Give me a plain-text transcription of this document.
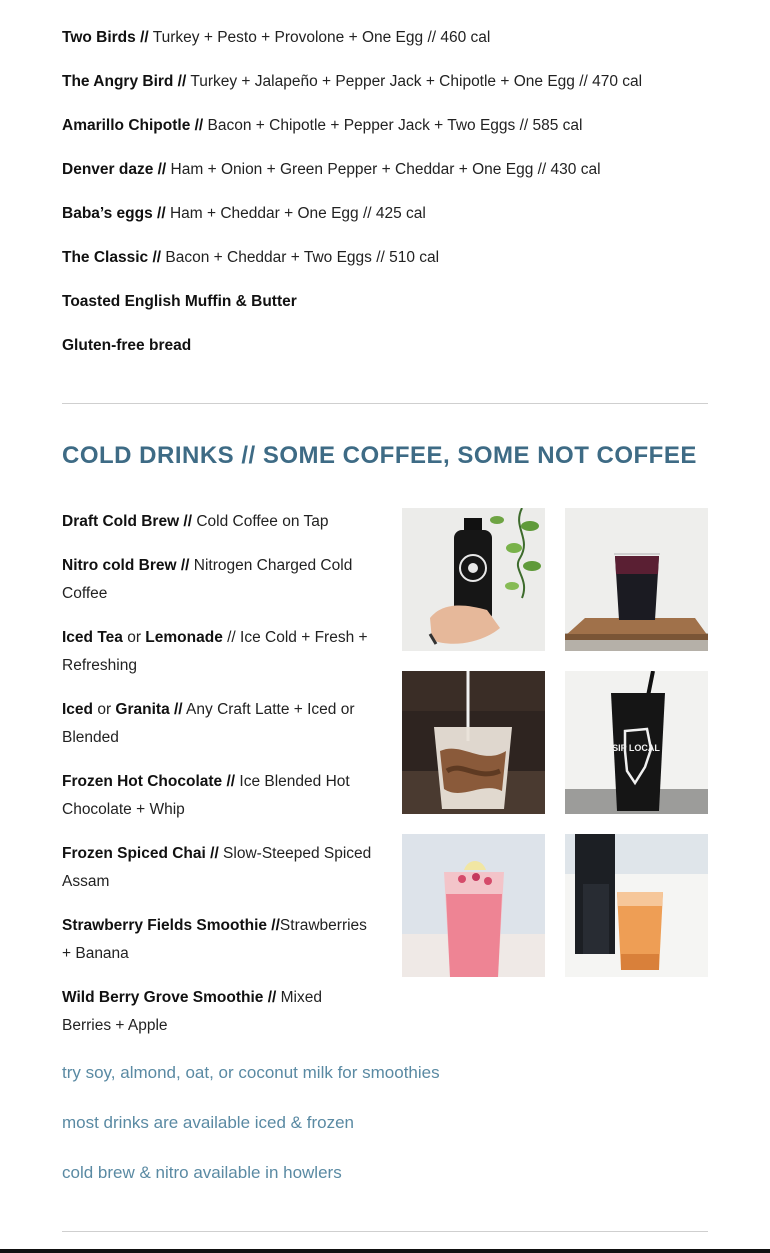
Two Birds // Turkey + Pesto + Provolone + One Egg // 460 cal

The Angry Bird // Turkey + Jalapeño + Pepper Jack + Chipotle + One Egg // 470 cal

Amarillo Chipotle // Bacon + Chipotle + Pepper Jack + Two Eggs // 585 cal

Denver daze // Ham + Onion + Green Pepper + Cheddar + One Egg // 430 cal

Baba’s eggs // Ham + Cheddar + One Egg // 425 cal

The Classic // Bacon + Cheddar + Two Eggs // 510 cal

Toasted English Muffin & Butter

Gluten-free bread

COLD DRINKS // SOME COFFEE, SOME NOT COFFEE

Draft Cold Brew // Cold Coffee on Tap

Nitro cold Brew // Nitrogen Charged Cold Coffee

Iced Tea or Lemonade // Ice Cold + Fresh + Refreshing

Iced or Granita // Any Craft Latte + Iced or Blended

Frozen Hot Chocolate // Ice Blended Hot Chocolate + Whip

Frozen Spiced Chai // Slow-Steeped Spiced Assam

Strawberry Fields Smoothie //Strawberries + Banana

Wild Berry Grove Smoothie // Mixed Berries + Apple

SIP LOCAL

try soy, almond, oat, or coconut milk for smoothies

most drinks are available iced & frozen

cold brew & nitro available in howlers
